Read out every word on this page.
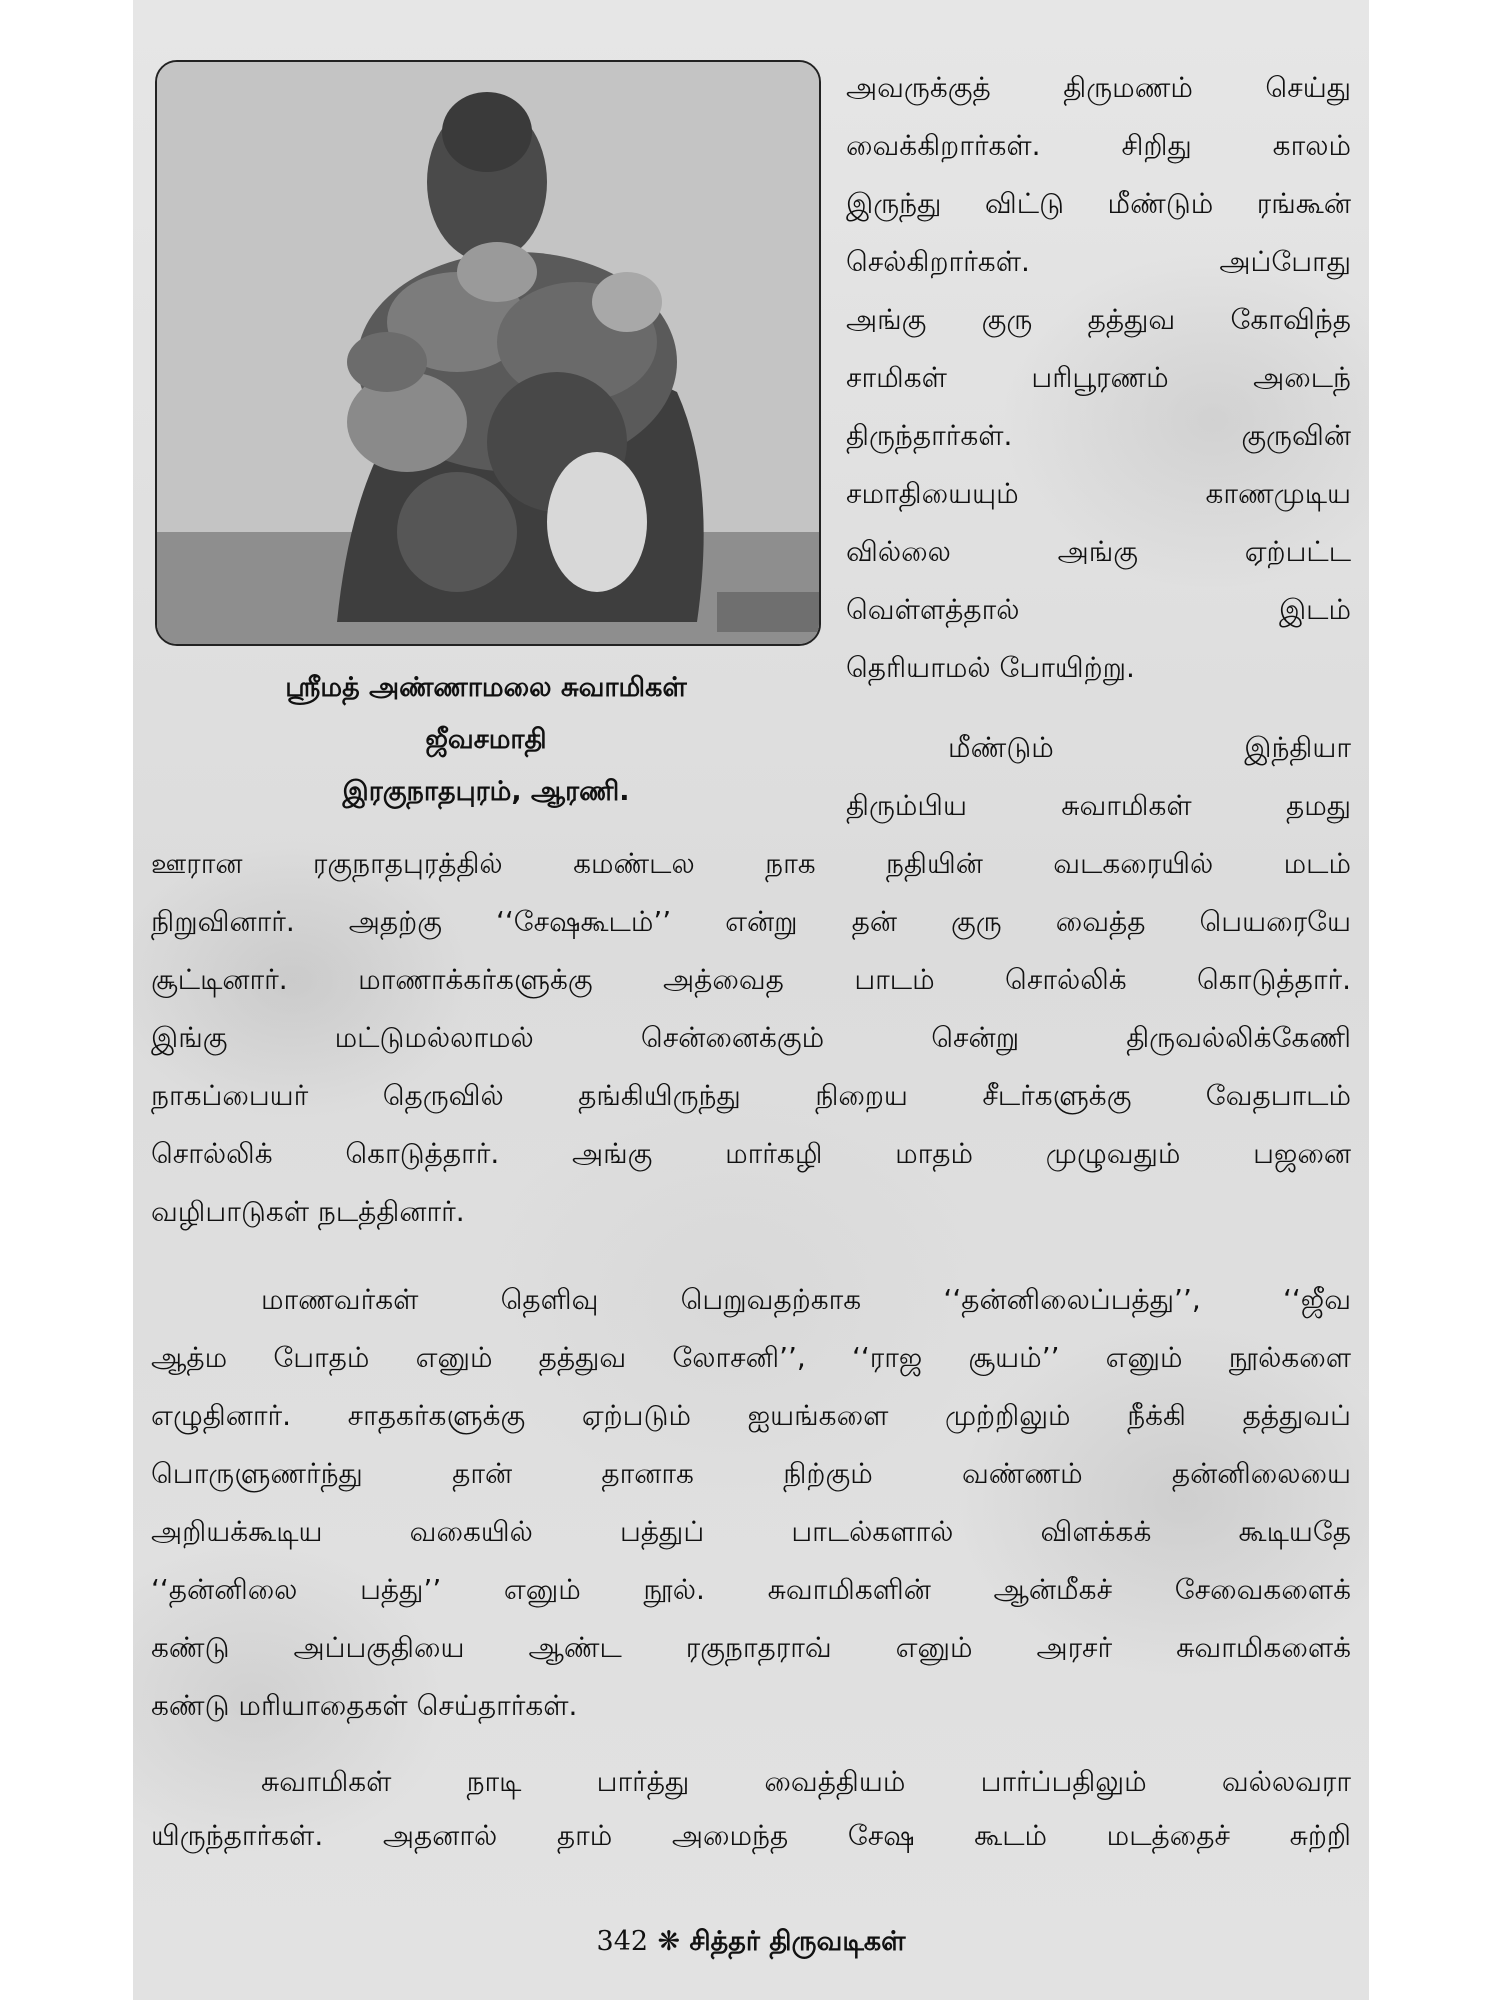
ஸ்ரீமத் அண்ணாமலை சுவாமிகள்
ஜீவசமாதி
இரகுநாதபுரம், ஆரணி.
அவருக்குத் திருமணம் செய்து
வைக்கிறார்கள். சிறிது காலம்
இருந்து விட்டு மீண்டும் ரங்கூன்
செல்கிறார்கள். அப்போது
அங்கு குரு தத்துவ கோவிந்த
சாமிகள் பரிபூரணம் அடைந்
திருந்தார்கள். குருவின்
சமாதியையும் காணமுடிய
வில்லை அங்கு ஏற்பட்ட
வெள்ளத்தால் இடம்
தெரியாமல் போயிற்று.
மீண்டும் இந்தியா
திரும்பிய சுவாமிகள் தமது
ஊரான ரகுநாதபுரத்தில் கமண்டல நாக நதியின் வடகரையில் மடம்
நிறுவினார். அதற்கு ‘‘சேஷகூடம்’’ என்று தன் குரு வைத்த பெயரையே
சூட்டினார். மாணாக்கர்களுக்கு அத்வைத பாடம் சொல்லிக் கொடுத்தார்.
இங்கு மட்டுமல்லாமல் சென்னைக்கும் சென்று திருவல்லிக்கேணி
நாகப்பையர் தெருவில் தங்கியிருந்து நிறைய சீடர்களுக்கு வேதபாடம்
சொல்லிக் கொடுத்தார். அங்கு மார்கழி மாதம் முழுவதும் பஜனை
வழிபாடுகள் நடத்தினார்.
மாணவர்கள் தெளிவு பெறுவதற்காக ‘‘தன்னிலைப்பத்து’’, ‘‘ஜீவ
ஆத்ம போதம் எனும் தத்துவ லோசனி’’, ‘‘ராஜ சூயம்’’ எனும் நூல்களை
எழுதினார். சாதகர்களுக்கு ஏற்படும் ஐயங்களை முற்றிலும் நீக்கி தத்துவப்
பொருளுணர்ந்து தான் தானாக நிற்கும் வண்ணம் தன்னிலையை
அறியக்கூடிய வகையில் பத்துப் பாடல்களால் விளக்கக் கூடியதே
‘‘தன்னிலை பத்து’’ எனும் நூல். சுவாமிகளின் ஆன்மீகச் சேவைகளைக்
கண்டு அப்பகுதியை ஆண்ட ரகுநாதராவ் எனும் அரசர் சுவாமிகளைக்
கண்டு மரியாதைகள் செய்தார்கள்.
சுவாமிகள் நாடி பார்த்து வைத்தியம் பார்ப்பதிலும் வல்லவரா
யிருந்தார்கள். அதனால் தாம் அமைந்த சேஷ கூடம் மடத்தைச் சுற்றி
342 ❋ சித்தர் திருவடிகள்
